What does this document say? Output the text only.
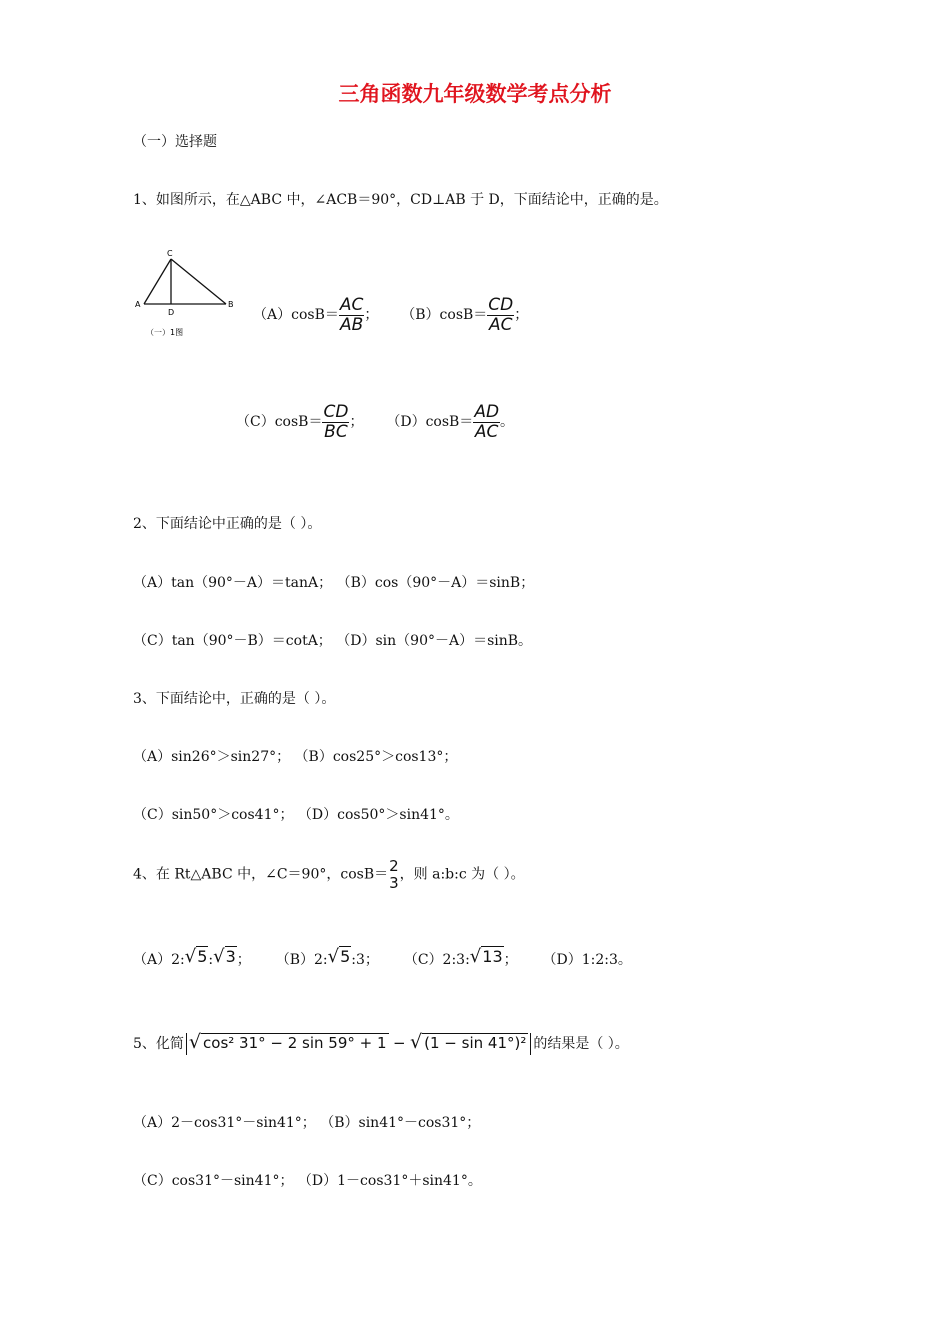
三角函数九年级数学考点分析
（一）选择题
1、如图所示，在△ABC 中，∠ACB＝90°，CD⊥AB 于 D，下面结论中，正确的是。
C
A	B
D
（一）1图
$(A)\cos B= \frac{AC}{AB}$ ； $(B)\cos B= \frac{CD}{AC}$ ；
$(C)\cos B= \frac{CD}{BC}$ ； $(D)\cos B= \frac{AD}{AC}$ 。
2、下面结论中正确的是（ ）。
（A）tan（90°－A）＝tanA； （B）cos（90°－A）＝sinB；
（C）tan（90°－B）＝cotA； （D）sin（90°－A）＝sinB。
3、下面结论中，正确的是（ ）。
（A）sin26°＞sin27°； （B）cos25°＞cos13°；
（C）sin50°＞cos41°； （D）cos50°＞sin41°。
4、在 Rt△ABC 中，∠C＝90°，cosB＝ 2
3 ，则 a:b:c 为（ ）。
（A）2:√5:√3； （B）2:√5:3； （C）2:3:√13； （D）1:2:3。
5、化简 √ cos² 31° − 2 sin 59° + 1 − √ (1 − sin 41°)² 的结果是（ ）。
（A）2－cos31°－sin41°； （B）sin41°－cos31°；
（C）cos31°－sin41°； （D）1－cos31°＋sin41°。
